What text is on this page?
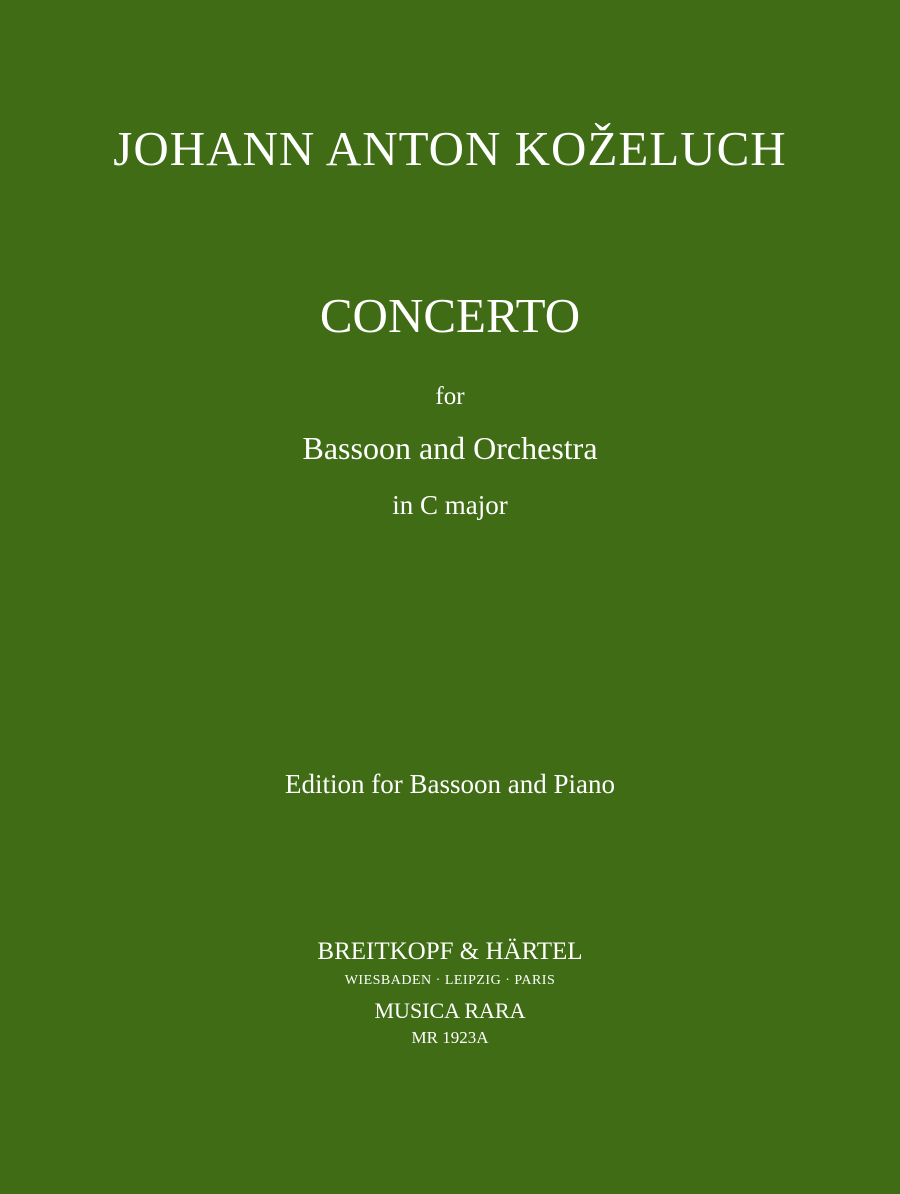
JOHANN ANTON KOŽELUCH
CONCERTO
for
Bassoon and Orchestra
in C major
Edition for Bassoon and Piano
BREITKOPF & HÄRTEL
WIESBADEN · LEIPZIG · PARIS
MUSICA RARA
MR 1923A
